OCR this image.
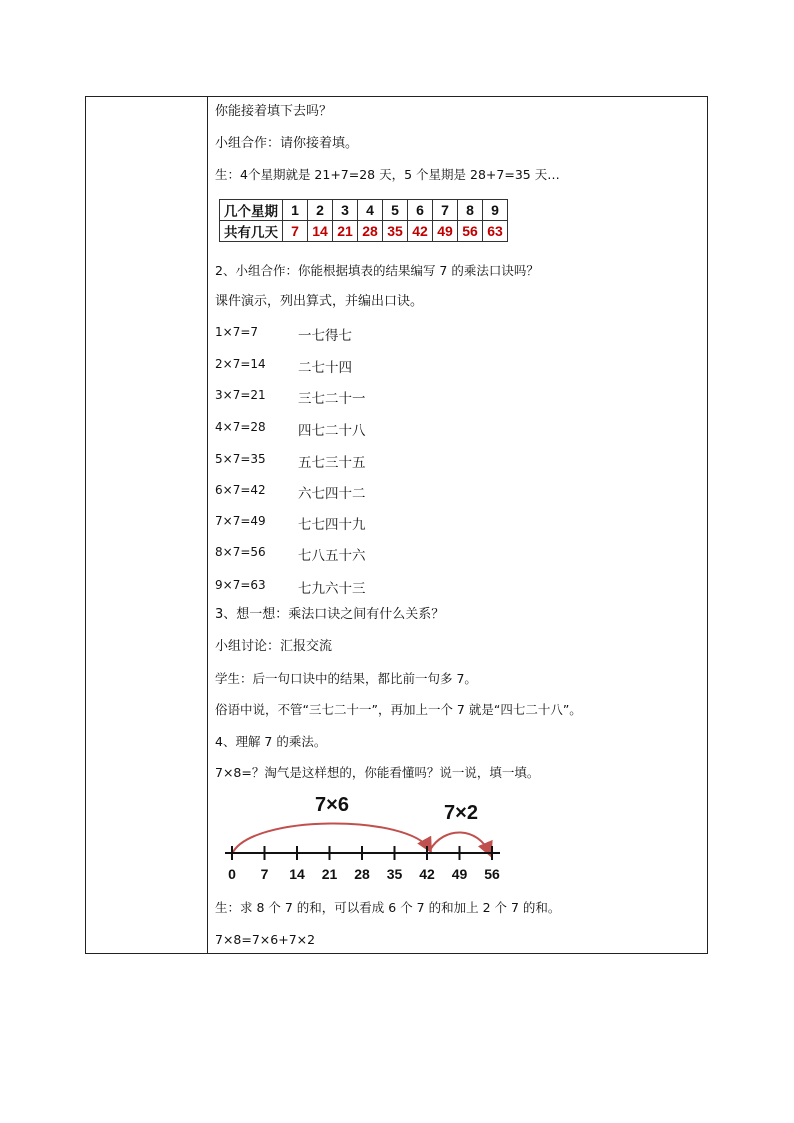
你能接着填下去吗？
小组合作：请你接着填。
生：4个星期就是 21+7=28 天，5 个星期是 28+7=35 天…
几个星期	1	2	3	4	5	6	7	8	9
共有几天	7	14	21	28	35	42	49	56	63
2、小组合作：你能根据填表的结果编写 7 的乘法口诀吗？
课件演示，列出算式，并编出口诀。
1×7=7	一七得七
2×7=14 二七十四
3×7=21 三七二十一
4×7=28 四七二十八
5×7=35 五七三十五
6×7=42 六七四十二
7×7=49 七七四十九
8×7=56 七八五十六
9×7=63 七九六十三
3、想一想：乘法口诀之间有什么关系？
小组讨论：汇报交流
学生：后一句口诀中的结果，都比前一句多 7。
俗语中说，不管“三七二十一”，再加上一个 7 就是“四七二十八”。
4、理解 7 的乘法。
7×8=？淘气是这样想的，你能看懂吗？说一说，填一填。
7×6	7×2
0 7 14 21 28 35 42 49 56
生：求 8 个 7 的和，可以看成 6 个 7 的和加上 2 个 7 的和。
7×8=7×6+7×2
